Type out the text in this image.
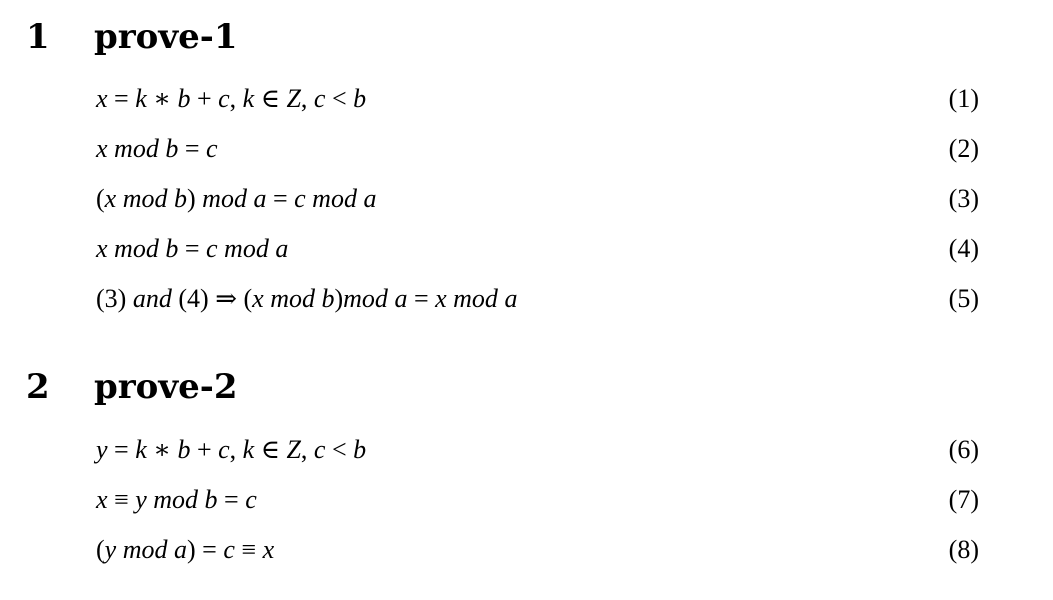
1 prove-1

x = k ∗ b + c, k ∈ Z, c < b	(1)

x mod b = c	(2)

(x mod b) mod a = c mod a	(3)

x mod b = c mod a	(4)

(3) and (4) ⇒ (x mod b)mod a = x mod a	(5)
2 prove-2

y = k ∗ b + c, k ∈ Z, c < b	(6)

x ≡ y mod b = c	(7)

(y mod a) = c ≡ x	(8)
